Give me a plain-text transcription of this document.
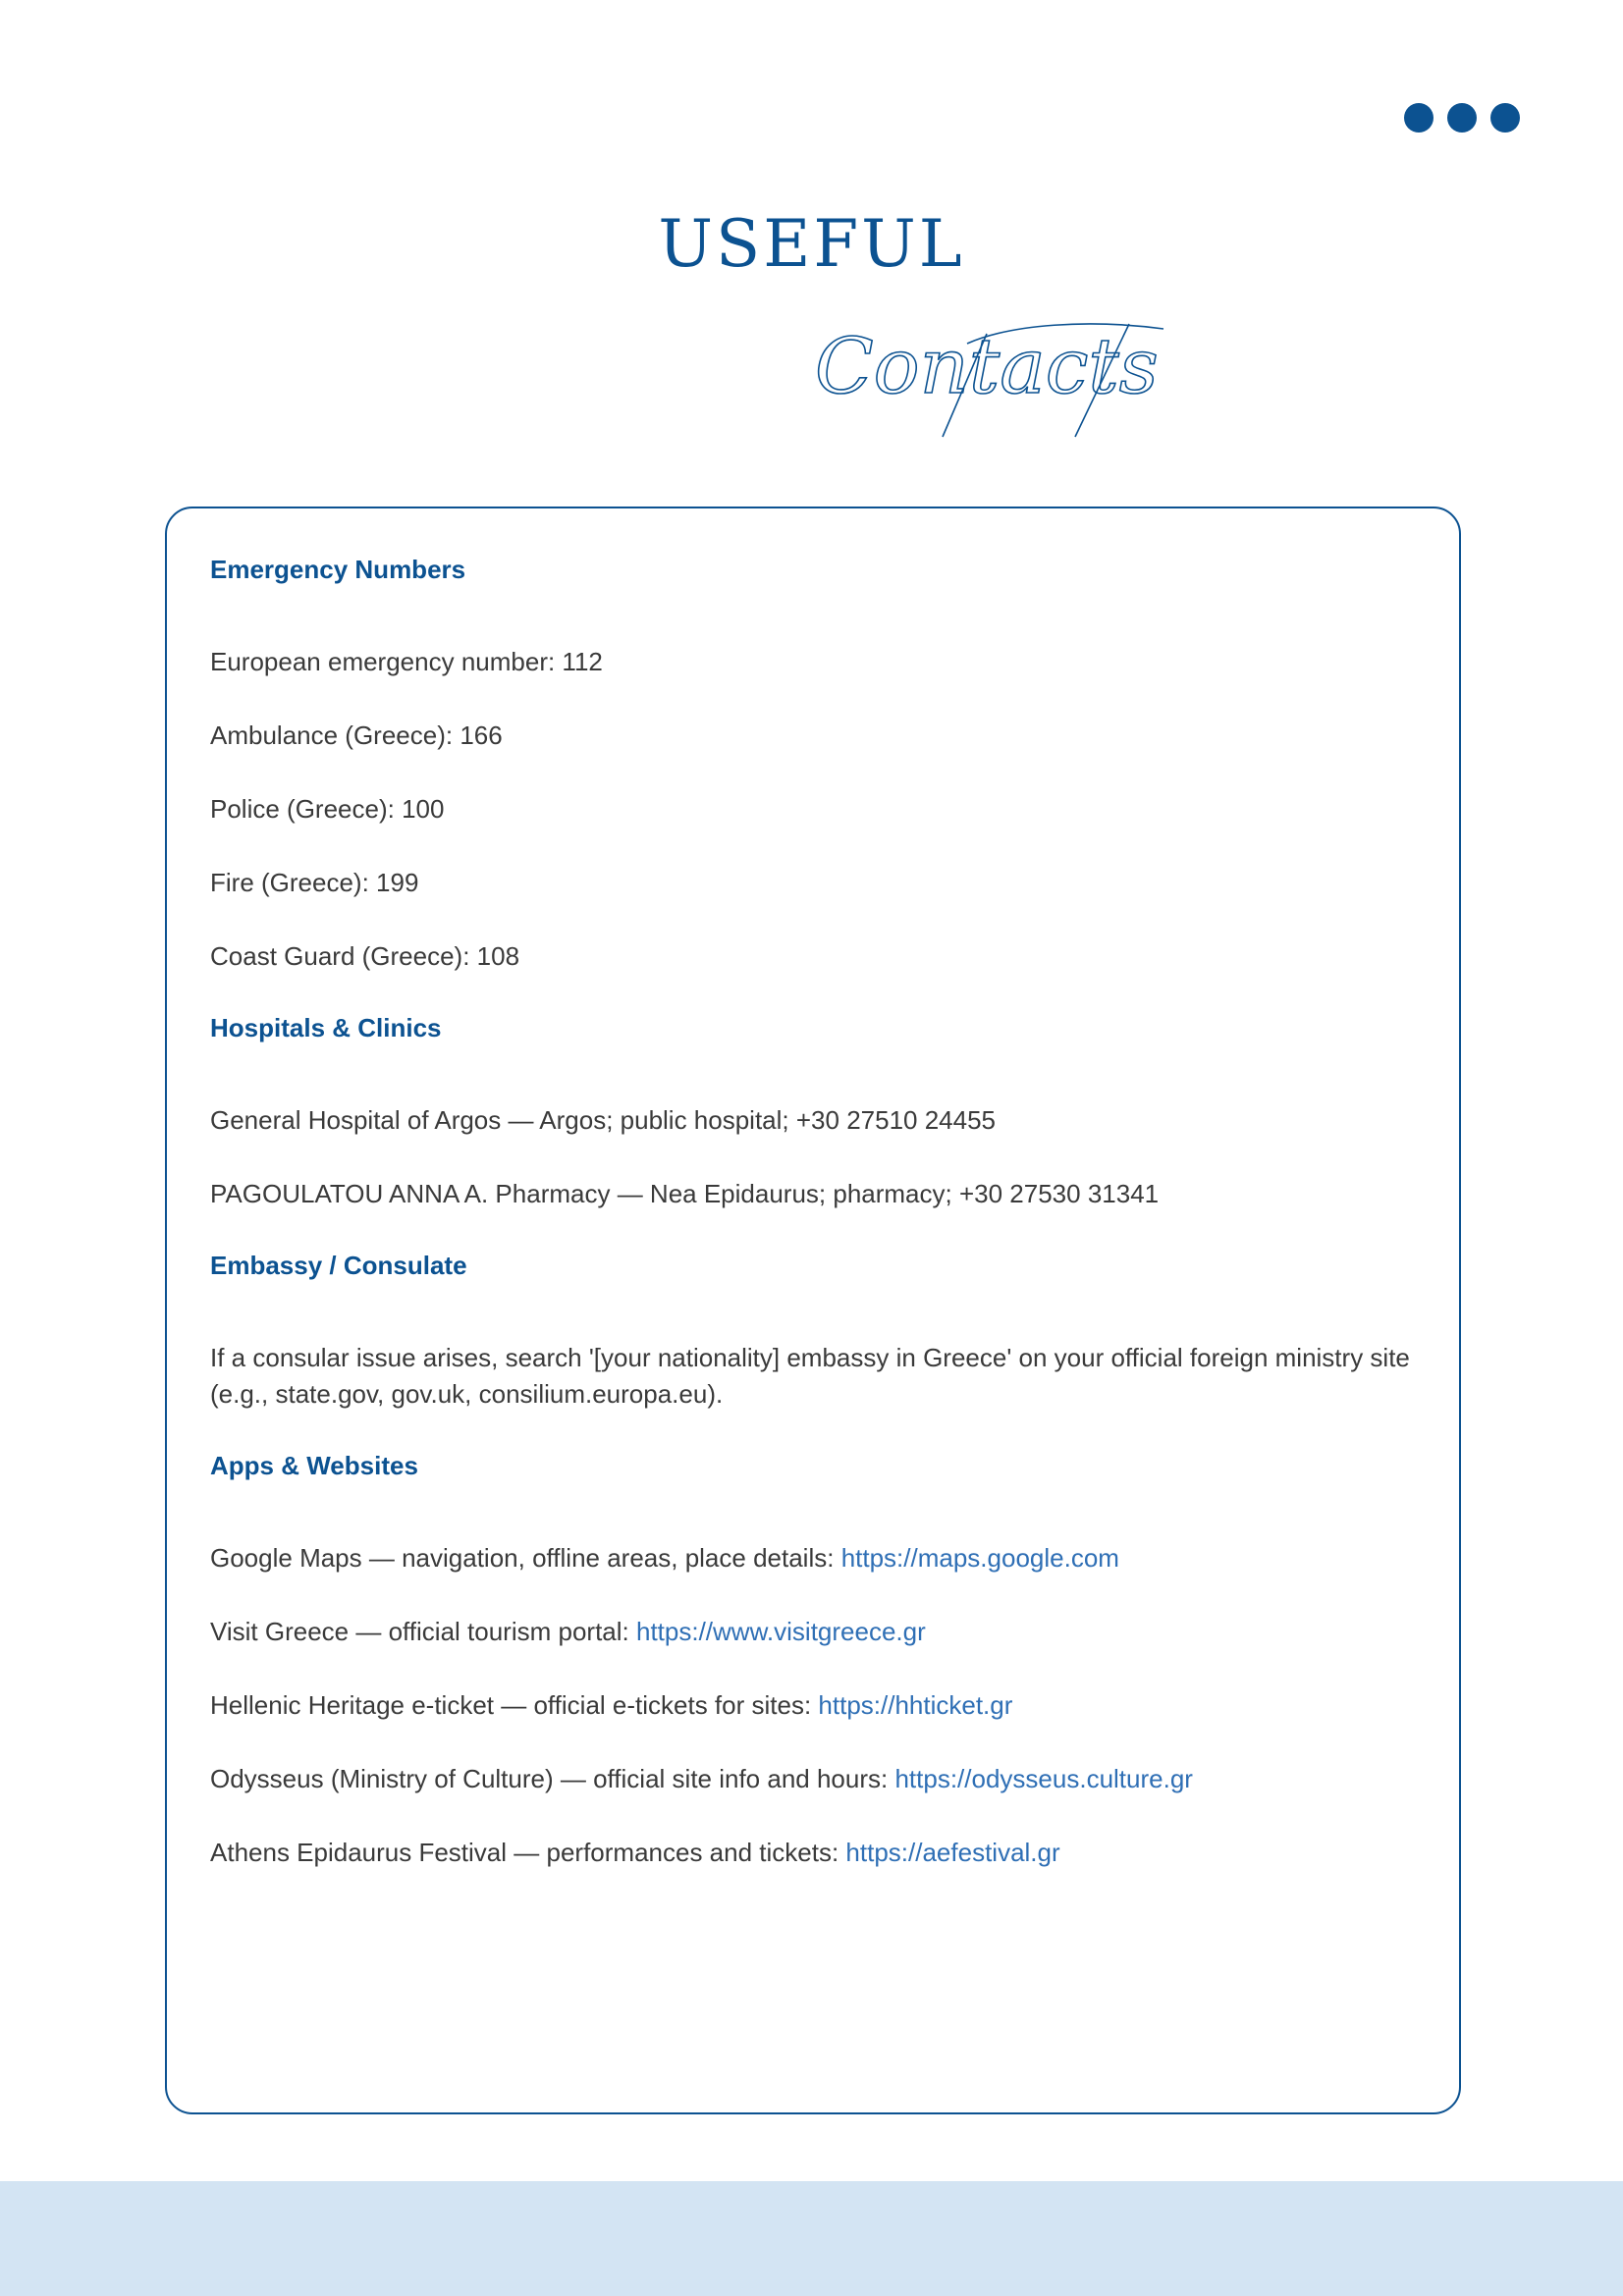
USEFUL
Contacts
Emergency Numbers
European emergency number: 112
Ambulance (Greece): 166
Police (Greece): 100
Fire (Greece): 199
Coast Guard (Greece): 108
Hospitals & Clinics
General Hospital of Argos — Argos; public hospital; +30 27510 24455
PAGOULATOU ANNA A. Pharmacy — Nea Epidaurus; pharmacy; +30 27530 31341
Embassy / Consulate
If a consular issue arises, search '[your nationality] embassy in Greece' on your official foreign ministry site (e.g., state.gov, gov.uk, consilium.europa.eu).
Apps & Websites
Google Maps — navigation, offline areas, place details: https://maps.google.com
Visit Greece — official tourism portal: https://www.visitgreece.gr
Hellenic Heritage e-ticket — official e-tickets for sites: https://hhticket.gr
Odysseus (Ministry of Culture) — official site info and hours: https://odysseus.culture.gr
Athens Epidaurus Festival — performances and tickets: https://aefestival.gr
